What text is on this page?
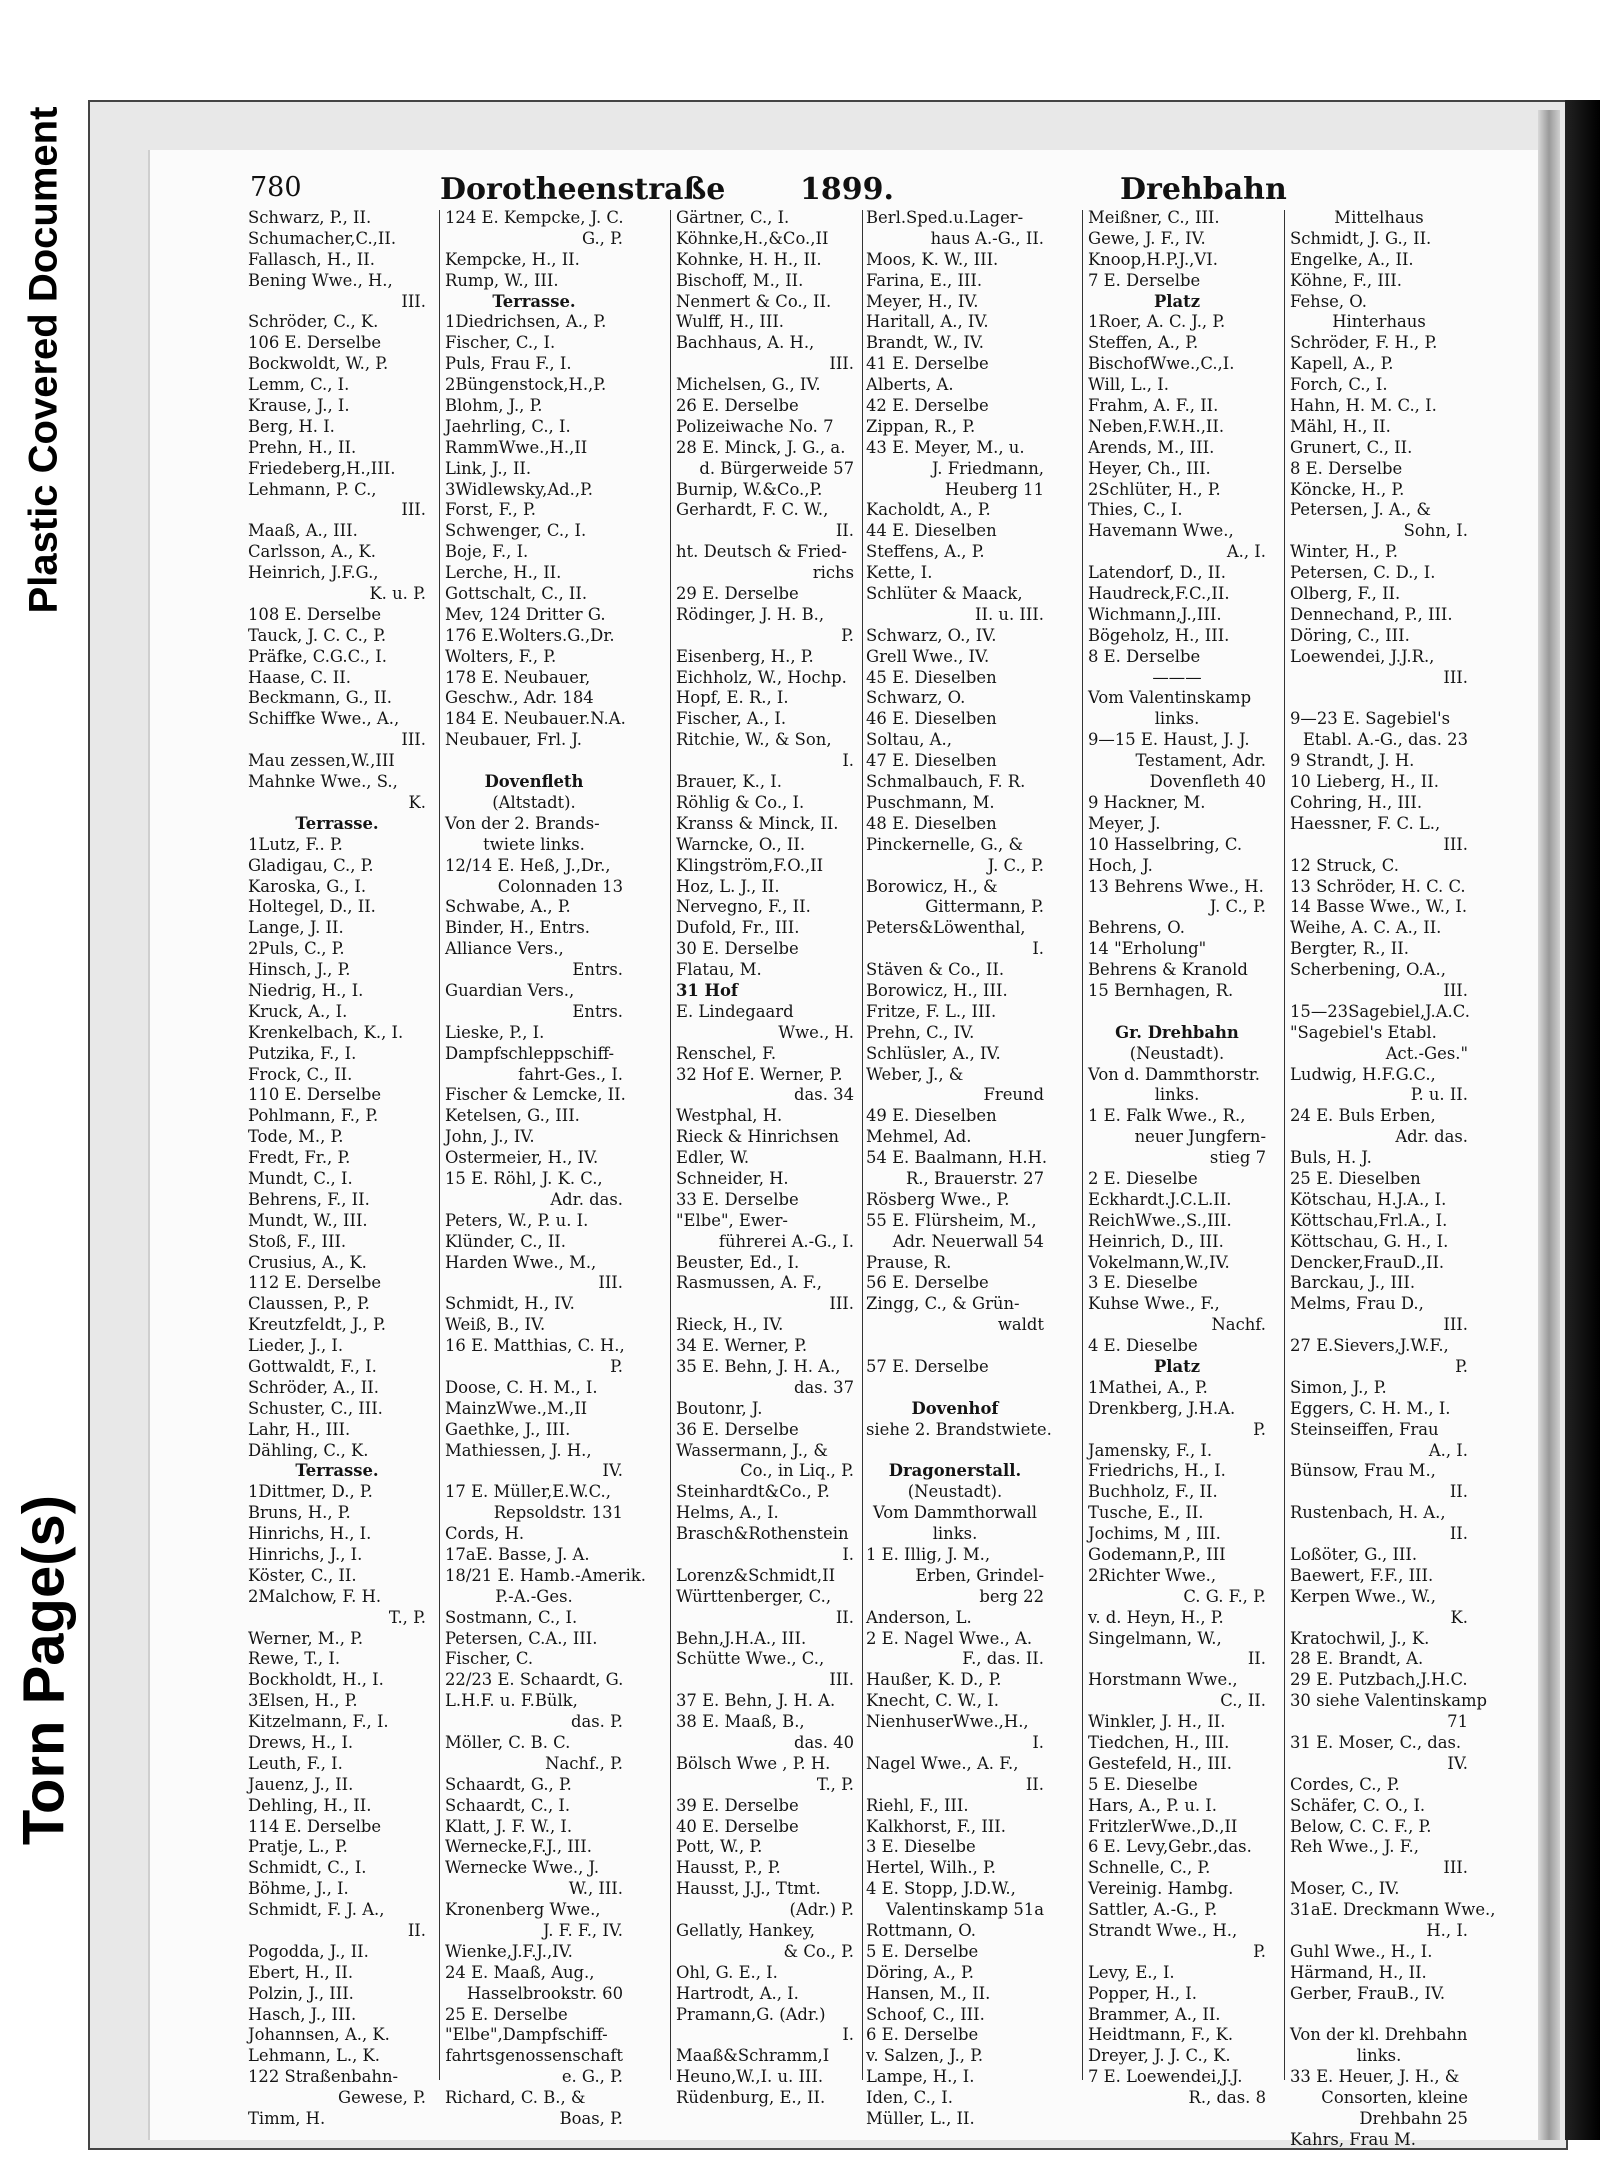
Plastic Covered Document
Torn Page(s)
780	Dorotheenstraße 1899.	Drehbahn
Schwarz, P., II.
Schumacher,C.,II.
Fallasch, H., II.
Bening Wwe., H.,
III.
Schröder, C., K.
106 E. Derselbe
Bockwoldt, W., P.
Lemm, C., I.
Krause, J., I.
Berg, H. I.
Prehn, H., II.
Friedeberg,H.,III.
Lehmann, P. C.,
III.
Maaß, A., III.
Carlsson, A., K.
Heinrich, J.F.G.,
K. u. P.
108 E. Derselbe
Tauck, J. C. C., P.
Präfke, C.G.C., I.
Haase, C. II.
Beckmann, G., II.
Schiffke Wwe., A.,
III.
Mau zessen,W.,III
Mahnke Wwe., S.,
K.
Terrasse.
1Lutz, F.. P.
Gladigau, C., P.
Karoska, G., I.
Holtegel, D., II.
Lange, J. II.
2Puls, C., P.
Hinsch, J., P.
Niedrig, H., I.
Kruck, A., I.
Krenkelbach, K., I.
Putzika, F., I.
Frock, C., II.
110 E. Derselbe
Pohlmann, F., P.
Tode, M., P.
Fredt, Fr., P.
Mundt, C., I.
Behrens, F., II.
Mundt, W., III.
Stoß, F., III.
Crusius, A., K.
112 E. Derselbe
Claussen, P., P.
Kreutzfeldt, J., P.
Lieder, J., I.
Gottwaldt, F., I.
Schröder, A., II.
Schuster, C., III.
Lahr, H., III.
Dähling, C., K.
Terrasse.
1Dittmer, D., P.
Bruns, H., P.
Hinrichs, H., I.
Hinrichs, J., I.
Köster, C., II.
2Malchow, F. H.
T., P.
Werner, M., P.
Rewe, T., I.
Bockholdt, H., I.
3Elsen, H., P.
Kitzelmann, F., I.
Drews, H., I.
Leuth, F., I.
Jauenz, J., II.
Dehling, H., II.
114 E. Derselbe
Pratje, L., P.
Schmidt, C., I.
Böhme, J., I.
Schmidt, F. J. A.,
II.
Pogodda, J., II.
Ebert, H., II.
Polzin, J., III.
Hasch, J., III.
Johannsen, A., K.
Lehmann, L., K.
122 Straßenbahn-
Gewese, P.
Timm, H.
124 E. Kempcke, J. C.
G., P.
Kempcke, H., II.
Rump, W., III.
Terrasse.
1Diedrichsen, A., P.
Fischer, C., I.
Puls, Frau F., I.
2Büngenstock,H.,P.
Blohm, J., P.
Jaehrling, C., I.
RammWwe.,H.,II
Link, J., II.
3Widlewsky,Ad.,P.
Forst, F., P.
Schwenger, C., I.
Boje, F., I.
Lerche, H., II.
Gottschalt, C., II.
Mev, 124 Dritter G.
176 E.Wolters.G.,Dr.
Wolters, F., P.
178 E. Neubauer,
Geschw., Adr. 184
184 E. Neubauer.N.A.
Neubauer, Frl. J.
Dovenfleth
(Altstadt).
Von der 2. Brands-
twiete links.
12/14 E. Heß, J.,Dr.,
Colonnaden 13
Schwabe, A., P.
Binder, H., Entrs.
Alliance Vers.,
Entrs.
Guardian Vers.,
Entrs.
Lieske, P., I.
Dampfschleppschiff-
fahrt-Ges., I.
Fischer & Lemcke, II.
Ketelsen, G., III.
John, J., IV.
Ostermeier, H., IV.
15 E. Röhl, J. K. C.,
Adr. das.
Peters, W., P. u. I.
Klünder, C., II.
Harden Wwe., M.,
III.
Schmidt, H., IV.
Weiß, B., IV.
16 E. Matthias, C. H.,
P.
Doose, C. H. M., I.
MainzWwe.,M.,II
Gaethke, J., III.
Mathiessen, J. H.,
IV.
17 E. Müller,E.W.C.,
Repsoldstr. 131
Cords, H.
17aE. Basse, J. A.
18/21 E. Hamb.-Amerik.
P.-A.-Ges.
Sostmann, C., I.
Petersen, C.A., III.
Fischer, C.
22/23 E. Schaardt, G.
L.H.F. u. F.Bülk,
das. P.
Möller, C. B. C.
Nachf., P.
Schaardt, G., P.
Schaardt, C., I.
Klatt, J. F. W., I.
Wernecke,F.J., III.
Wernecke Wwe., J.
W., III.
Kronenberg Wwe.,
J. F. F., IV.
Wienke,J.F.J.,IV.
24 E. Maaß, Aug.,
Hasselbrookstr. 60
25 E. Derselbe
"Elbe",Dampfschiff-
fahrtsgenossenschaft
e. G., P.
Richard, C. B., &
Boas, P.
Gärtner, C., I.
Köhnke,H.,&Co.,II
Kohnke, H. H., II.
Bischoff, M., II.
Nenmert & Co., II.
Wulff, H., III.
Bachhaus, A. H.,
III.
Michelsen, G., IV.
26 E. Derselbe
Polizeiwache No. 7
28 E. Minck, J. G., a.
d. Bürgerweide 57
Burnip, W.&Co.,P.
Gerhardt, F. C. W.,
II.
ht. Deutsch & Fried-
richs
29 E. Derselbe
Rödinger, J. H. B.,
P.
Eisenberg, H., P.
Eichholz, W., Hochp.
Hopf, E. R., I.
Fischer, A., I.
Ritchie, W., & Son,
I.
Brauer, K., I.
Röhlig & Co., I.
Kranss & Minck, II.
Warncke, O., II.
Klingström,F.O.,II
Hoz, L. J., II.
Nervegno, F., II.
Dufold, Fr., III.
30 E. Derselbe
Flatau, M.
31 Hof
E. Lindegaard
Wwe., H.
Renschel, F.
32 Hof E. Werner, P.
das. 34
Westphal, H.
Rieck & Hinrichsen
Edler, W.
Schneider, H.
33 E. Derselbe
"Elbe", Ewer-
führerei A.-G., I.
Beuster, Ed., I.
Rasmussen, A. F.,
III.
Rieck, H., IV.
34 E. Werner, P.
35 E. Behn, J. H. A.,
das. 37
Boutonr, J.
36 E. Derselbe
Wassermann, J., &
Co., in Liq., P.
Steinhardt&Co., P.
Helms, A., I.
Brasch&Rothenstein
I.
Lorenz&Schmidt,II
Württenberger, C.,
II.
Behn,J.H.A., III.
Schütte Wwe., C.,
III.
37 E. Behn, J. H. A.
38 E. Maaß, B.,
das. 40
Bölsch Wwe , P. H.
T., P.
39 E. Derselbe
40 E. Derselbe
Pott, W., P.
Hausst, P., P.
Hausst, J.J., Ttmt.
(Adr.) P.
Gellatly, Hankey,
& Co., P.
Ohl, G. E., I.
Hartrodt, A., I.
Pramann,G. (Adr.)
I.
Maaß&Schramm,I
Heuno,W.,I. u. III.
Rüdenburg, E., II.
Berl.Sped.u.Lager-
haus A.-G., II.
Moos, K. W., III.
Farina, E., III.
Meyer, H., IV.
Haritall, A., IV.
Brandt, W., IV.
41 E. Derselbe
Alberts, A.
42 E. Derselbe
Zippan, R., P.
43 E. Meyer, M., u.
J. Friedmann,
Heuberg 11
Kacholdt, A., P.
44 E. Dieselben
Steffens, A., P.
Kette, I.
Schlüter & Maack,
II. u. III.
Schwarz, O., IV.
Grell Wwe., IV.
45 E. Dieselben
Schwarz, O.
46 E. Dieselben
Soltau, A.,
47 E. Dieselben
Schmalbauch, F. R.
Puschmann, M.
48 E. Dieselben
Pinckernelle, G., &
J. C., P.
Borowicz, H., &
Gittermann, P.
Peters&Löwenthal,
I.
Stäven & Co., II.
Borowicz, H., III.
Fritze, F. L., III.
Prehn, C., IV.
Schlüsler, A., IV.
Weber, J., &
Freund
49 E. Dieselben
Mehmel, Ad.
54 E. Baalmann, H.H.
R., Brauerstr. 27
Rösberg Wwe., P.
55 E. Flürsheim, M.,
Adr. Neuerwall 54
Prause, R.
56 E. Derselbe
Zingg, C., & Grün-
waldt
57 E. Derselbe
Dovenhof
siehe 2. Brandstwiete.
Dragonerstall.
(Neustadt).
Vom Dammthorwall
links.
1 E. Illig, J. M.,
Erben, Grindel-
berg 22
Anderson, L.
2 E. Nagel Wwe., A.
F., das. II.
Haußer, K. D., P.
Knecht, C. W., I.
NienhuserWwe.,H.,
I.
Nagel Wwe., A. F.,
II.
Riehl, F., III.
Kalkhorst, F., III.
3 E. Dieselbe
Hertel, Wilh., P.
4 E. Stopp, J.D.W.,
Valentinskamp 51a
Rottmann, O.
5 E. Derselbe
Döring, A., P.
Hansen, M., II.
Schoof, C., III.
6 E. Derselbe
v. Salzen, J., P.
Lampe, H., I.
Iden, C., I.
Müller, L., II.
Meißner, C., III.
Gewe, J. F., IV.
Knoop,H.P.J.,VI.
7 E. Derselbe
Platz
1Roer, A. C. J., P.
Steffen, A., P.
BischofWwe.,C.,I.
Will, L., I.
Frahm, A. F., II.
Neben,F.W.H.,II.
Arends, M., III.
Heyer, Ch., III.
2Schlüter, H., P.
Thies, C., I.
Havemann Wwe.,
A., I.
Latendorf, D., II.
Haudreck,F.C.,II.
Wichmann,J.,III.
Bögeholz, H., III.
8 E. Derselbe
———
Vom Valentinskamp
links.
9—15 E. Haust, J. J.
Testament, Adr.
Dovenfleth 40
9 Hackner, M.
Meyer, J.
10 Hasselbring, C.
Hoch, J.
13 Behrens Wwe., H.
J. C., P.
Behrens, O.
14 "Erholung"
Behrens & Kranold
15 Bernhagen, R.
Gr. Drehbahn
(Neustadt).
Von d. Dammthorstr.
links.
1 E. Falk Wwe., R.,
neuer Jungfern-
stieg 7
2 E. Dieselbe
Eckhardt.J.C.L.II.
ReichWwe.,S.,III.
Heinrich, D., III.
Vokelmann,W.,IV.
3 E. Dieselbe
Kuhse Wwe., F.,
Nachf.
4 E. Dieselbe
Platz
1Mathei, A., P.
Drenkberg, J.H.A.
P.
Jamensky, F., I.
Friedrichs, H., I.
Buchholz, F., II.
Tusche, E., II.
Jochims, M , III.
Godemann,P., III
2Richter Wwe.,
C. G. F., P.
v. d. Heyn, H., P.
Singelmann, W.,
II.
Horstmann Wwe.,
C., II.
Winkler, J. H., II.
Tiedchen, H., III.
Gestefeld, H., III.
5 E. Dieselbe
Hars, A., P. u. I.
FritzlerWwe.,D.,II
6 E. Levy,Gebr.,das.
Schnelle, C., P.
Vereinig. Hambg.
Sattler, A.-G., P.
Strandt Wwe., H.,
P.
Levy, E., I.
Popper, H., I.
Brammer, A., II.
Heidtmann, F., K.
Dreyer, J. J. C., K.
7 E. Loewendei,J.J.
R., das. 8
Mittelhaus
Schmidt, J. G., II.
Engelke, A., II.
Köhne, F., III.
Fehse, O.
Hinterhaus
Schröder, F. H., P.
Kapell, A., P.
Forch, C., I.
Hahn, H. M. C., I.
Mähl, H., II.
Grunert, C., II.
8 E. Derselbe
Köncke, H., P.
Petersen, J. A., &
Sohn, I.
Winter, H., P.
Petersen, C. D., I.
Olberg, F., II.
Dennechand, P., III.
Döring, C., III.
Loewendei, J.J.R.,
III.
9—23 E. Sagebiel's
Etabl. A.-G., das. 23
9 Strandt, J. H.
10 Lieberg, H., II.
Cohring, H., III.
Haessner, F. C. L.,
III.
12 Struck, C.
13 Schröder, H. C. C.
14 Basse Wwe., W., I.
Weihe, A. C. A., II.
Bergter, R., II.
Scherbening, O.A.,
III.
15—23Sagebiel,J.A.C.
"Sagebiel's Etabl.
Act.-Ges."
Ludwig, H.F.G.C.,
P. u. II.
24 E. Buls Erben,
Adr. das.
Buls, H. J.
25 E. Dieselben
Kötschau, H.J.A., I.
Köttschau,Frl.A., I.
Köttschau, G. H., I.
Dencker,FrauD.,II.
Barckau, J., III.
Melms, Frau D.,
III.
27 E.Sievers,J.W.F.,
P.
Simon, J., P.
Eggers, C. H. M., I.
Steinseiffen, Frau
A., I.
Bünsow, Frau M.,
II.
Rustenbach, H. A.,
II.
Loßöter, G., III.
Baewert, F.F., III.
Kerpen Wwe., W.,
K.
Kratochwil, J., K.
28 E. Brandt, A.
29 E. Putzbach,J.H.C.
30 siehe Valentinskamp
71
31 E. Moser, C., das.
IV.
Cordes, C., P.
Schäfer, C. O., I.
Below, C. C. F., P.
Reh Wwe., J. F.,
III.
Moser, C., IV.
31aE. Dreckmann Wwe.,
H., I.
Guhl Wwe., H., I.
Härmand, H., II.
Gerber, FrauB., IV.
Von der kl. Drehbahn
links.
33 E. Heuer, J. H., &
Consorten, kleine
Drehbahn 25
Kahrs, Frau M.
